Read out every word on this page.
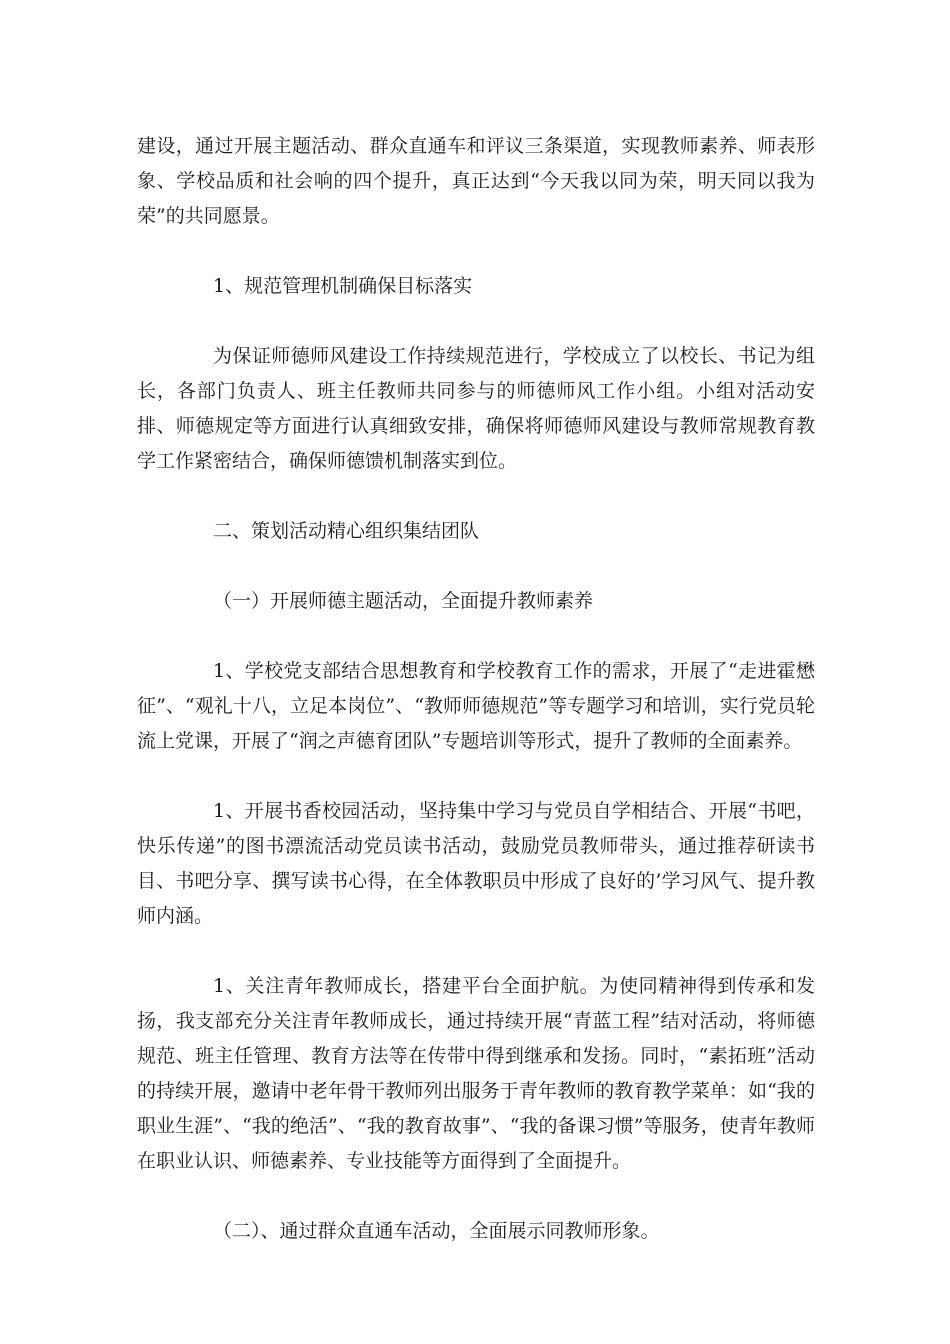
建设，通过开展主题活动、群众直通车和评议三条渠道，实现教师素养、师表形象、学校品质和社会响的四个提升，真正达到“今天我以同为荣，明天同以我为荣”的共同愿景。

1、规范管理机制确保目标落实

为保证师德师风建设工作持续规范进行，学校成立了以校长、书记为组长，各部门负责人、班主任教师共同参与的师德师风工作小组。小组对活动安排、师德规定等方面进行认真细致安排，确保将师德师风建设与教师常规教育教学工作紧密结合，确保师德馈机制落实到位。

二、策划活动精心组织集结团队

（一）开展师德主题活动，全面提升教师素养

1、学校党支部结合思想教育和学校教育工作的需求，开展了“走进霍懋征”、“观礼十八，立足本岗位”、“教师师德规范”等专题学习和培训，实行党员轮流上党课，开展了“润之声德育团队”专题培训等形式，提升了教师的全面素养。

1、开展书香校园活动，坚持集中学习与党员自学相结合、开展“书吧，快乐传递”的图书漂流活动党员读书活动，鼓励党员教师带头，通过推荐研读书目、书吧分享、撰写读书心得，在全体教职员中形成了良好的’学习风气、提升教师内涵。

1、关注青年教师成长，搭建平台全面护航。为使同精神得到传承和发扬，我支部充分关注青年教师成长，通过持续开展“青蓝工程”结对活动，将师德规范、班主任管理、教育方法等在传带中得到继承和发扬。同时，“素拓班”活动的持续开展，邀请中老年骨干教师列出服务于青年教师的教育教学菜单：如“我的职业生涯”、“我的绝活”、“我的教育故事”、“我的备课习惯”等服务，使青年教师在职业认识、师德素养、专业技能等方面得到了全面提升。

（二）、通过群众直通车活动，全面展示同教师形象。
